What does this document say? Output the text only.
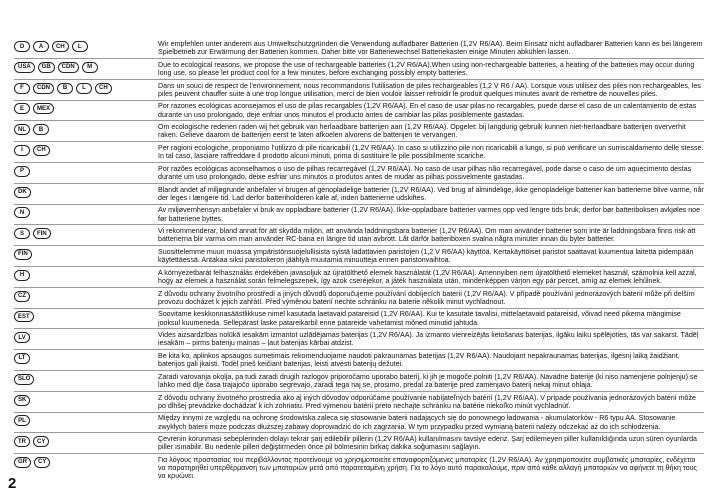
D	A	CH	L	Wir empfehlen unter anderem aus Umweltschutzgründen die Verwendung aufladbarer Batterien (1,2V R6/AA). Beim Einsatz nicht aufladbarer Batterien kann es bei längerem Spielbetrieb zur Erwärmung der Batterien kommen. Daher bitte vor Batteriewechsel Batteriekasten einige Minuten abkühlen lassen.
USA	GB	CDN	M	Due to ecological reasons, we propose the use of rechargeable batteries (1,2V R6/AA).When using non-rechargeable batteries, a heating of the batteries may occur during long use, so please let product cool for a few minutes, before exchanging possibly empty batteries.
F	CDN	B	L	CH	Dans un souci de respect de l'environnement, nous recommandons l'utilisation de piles rechargeables (1,2 V R6 / AA). Lorsque vous utilisez des piles non rechargeables, les piles peuvent chauffer suite à une trop longue utilisation, merci de bien vouloir laisser refroidir le produit quelques minutes avant de remettre de nouvelles piles.
E	MEX	Por razones ecológicas aconsejamos el uso de pilas recargables (1,2V R6/AA). En el caso de usar pilas no recargables, puede darse el caso de un calentamiento de estas durante un uso prolongado, deje enfriar unos minutos el producto antes de cambiar las pilas posiblemente gastadas.
NL	B	Om ecologische redenen raden wij het gebruik van herlaadbare batterijen aan (1,2V R6/AA). Opgelet: bij langdurig gebruik kunnen niet-herlaadbare batterijen oververhit raken. Gelieve daarom de batterijen eerst te laten afkoelen alvorens de batterijen te vervangen.
I	CH	Per ragioni ecologiche, proponiamo l'utilizzo di pile ricaricabili (1,2V R6/AA). In caso si utilizzino pile non ricaricabili a lungo, si può verificare un surriscaldamento delle stesse. In tal caso, lasciare raffreddare il prodotto alcuni minuti, prima di sostituire le pile possibilmente scariche.
P	Por razões ecológicas aconselhamos o uso de pilhas recarregável (1,2V R6/AA). No caso de usar pilhas não recarregável, pode darse o caso de um aquecimento destas durante um uso prolongado, deixe esfriar uns minutos o produtos antes de mudar as pilhas possivelmente gastadas.
DK	Blandt andet af miljøgrunde anbefaler vi brugen af genopladelige batterier (1,2V R6/AA). Ved brug af almindelige, ikke genopladelige batterier kan batterierne blive varme, når der leges i længere tid. Lad derfor batteriholderen køle af, inden batterierne udskiftes.
N	Av miljøvernhensyn anbefaler vi bruk av oppladbare batterier (1,2V R6/AA). Ikke-oppladbare batterier varmes opp ved lengre tids bruk; derfor bør batteriboksen avkjøles noe før batteriene byttes.
S	FIN	Vi rekommenderar, bland annat för att skydda miljön, att använda laddningsbara batterier (1,2V R6/AA). Om man använder batterier som inte är laddningsbara finns risk att batterierna blir varma om man använder RC-bana en längre tid utan avbrott. Låt därför batteriboxen svalna några minuter innan du byter batterier.
FIN	Suosittelemme muun muassa ympäristönsuojelullisista syistä ladattavien paristojen (1,2 V R6/AA) käyttöä. Kertakäyttöiset paristot saattavat kuumentua laitetta pidempään käytettäessä. Antakaa siksi paristokeron jäähtyä muutamia minuutteja ennen paristonvaihtoa.
H	A környezetbarát felhasználás érdekében javasoljuk az újratölthető elemek használatát (1,2V R6/AA). Amennyiben nem újratölthető elemeket használ, számolnia kell azzal, hogy az elemek a használat során felmelegszenek, így azok cseréjekor, a játék használata után, mindenképpen várjon egy pár percet, amíg az elemek lehűlnek.
CZ	Z důvodu ochrany životního prostředí a jiných důvodů doporučujeme používání dobíjecích baterií (1,2V R6/AA). V případě používání jednorázových baterií může při delším provozu docházet k jejich zahřátí. Před výměnou baterií nechte schránku na baterie několik minut vychladnout.
EST	Soovitame keskkonnasäästlikkuse nimel kasutada laetavaid patareisid (1,2V R6/AA). Kui te kasutate tavalisi, mittelaetavaid patareisid, võivad need pikema mängimise jooksul kuumeneda. Sellepärast laske patareikarbil enne patareide vahetamist mõned minutid jahtuda.
LV	Vides aizsardzības nolūkā iesakām izmantot uzlādējamas baterijas (1,2V R6/AA). Ja izmanto vienreizējās lietošanas baterijas, ilgāku laiku spēlējoties, tās var sakarst. Tādēļ iesakām – pirms bateriju maiņas – ļaut baterijas kārbai atdzist.
LT	Be kita ko, aplinkos apsaugos sumetimais rekomenduojame naudoti pakraunamas baterijas (1,2V R6/AA). Naudojant nepakraunamas baterijas, ilgesnį laiką žaidžiant, baterijos gali įkaisti. Todėl prieš keičiant baterijas, leisti atvėsti baterijų dėžutei.
SLO	Zaradi varovanja okolja, pa tudi zaradi drugih razlogov priporočamo uporabo baterij, ki jih je mogoče polniti (1,2V R6/AA). Navadne baterije (ki niso namenjene polnjenju) se lahko med dlje časa trajajočo uporabo segrevajo, zaradi tega naj se, prosimo, predal za baterije pred zamenjavo baterij nekaj minut ohlaja.
SK	Z dôvodu ochrany životného prostredia ako aj iných dôvodov odporúčame používanie nabíjateľných batérií (1,2V R6/AA). V prípade používania jednorázových batérií môže po dlhšej prevádzke dochádzať k ich zohriatiu. Pred výmenou batérií preto nechajte schránku na batérie niekoľko minút vychladnúť.
PL	Między innymi ze względu na ochronę środowiska zaleca się stosowanie baterii nadających się do ponownego ładowania - akumulatorków - R6 typu AA. Stosowanie zwykłych baterii może podczas dłuższej zabawy doprowadzić do ich zagrzania. W tym przypadku przed wymianą baterii należy odczekać aż do ich schłodzenia.
TR	CY	Çevrenin korunması sebeplerinden dolayı tekrar şarj edilebilir pillerin (1,2V R6/AA) kullanılmasını tavsiye ederiz. Şarj edilemeyen piller kullanıldığında uzun süren oyunlarda piller ısınabilir. Bu nedenle pilleri değiştirmeden önce pil bölmesinin birkaç dakika soğumasını sağlayın.
GR	CY	Για λόγους προστασίας του περιβάλλοντος προτείνουμε να χρησιμοποιείτε επαναφορτιζόμενες μπαταρίες (1,2V R6/AA). Αν χρησιμοποιείτε συμβατικές μπαταρίες, ενδέχεται να παρατηρηθεί υπερθέρμανση των μπαταριών μετά από παρατεταμένη χρήση. Για το λόγο αυτό παρακαλούμε, πριν από κάθε αλλαγή μπαταριών να αφήνετε τη θήκη τους να κρυώνει.
2
